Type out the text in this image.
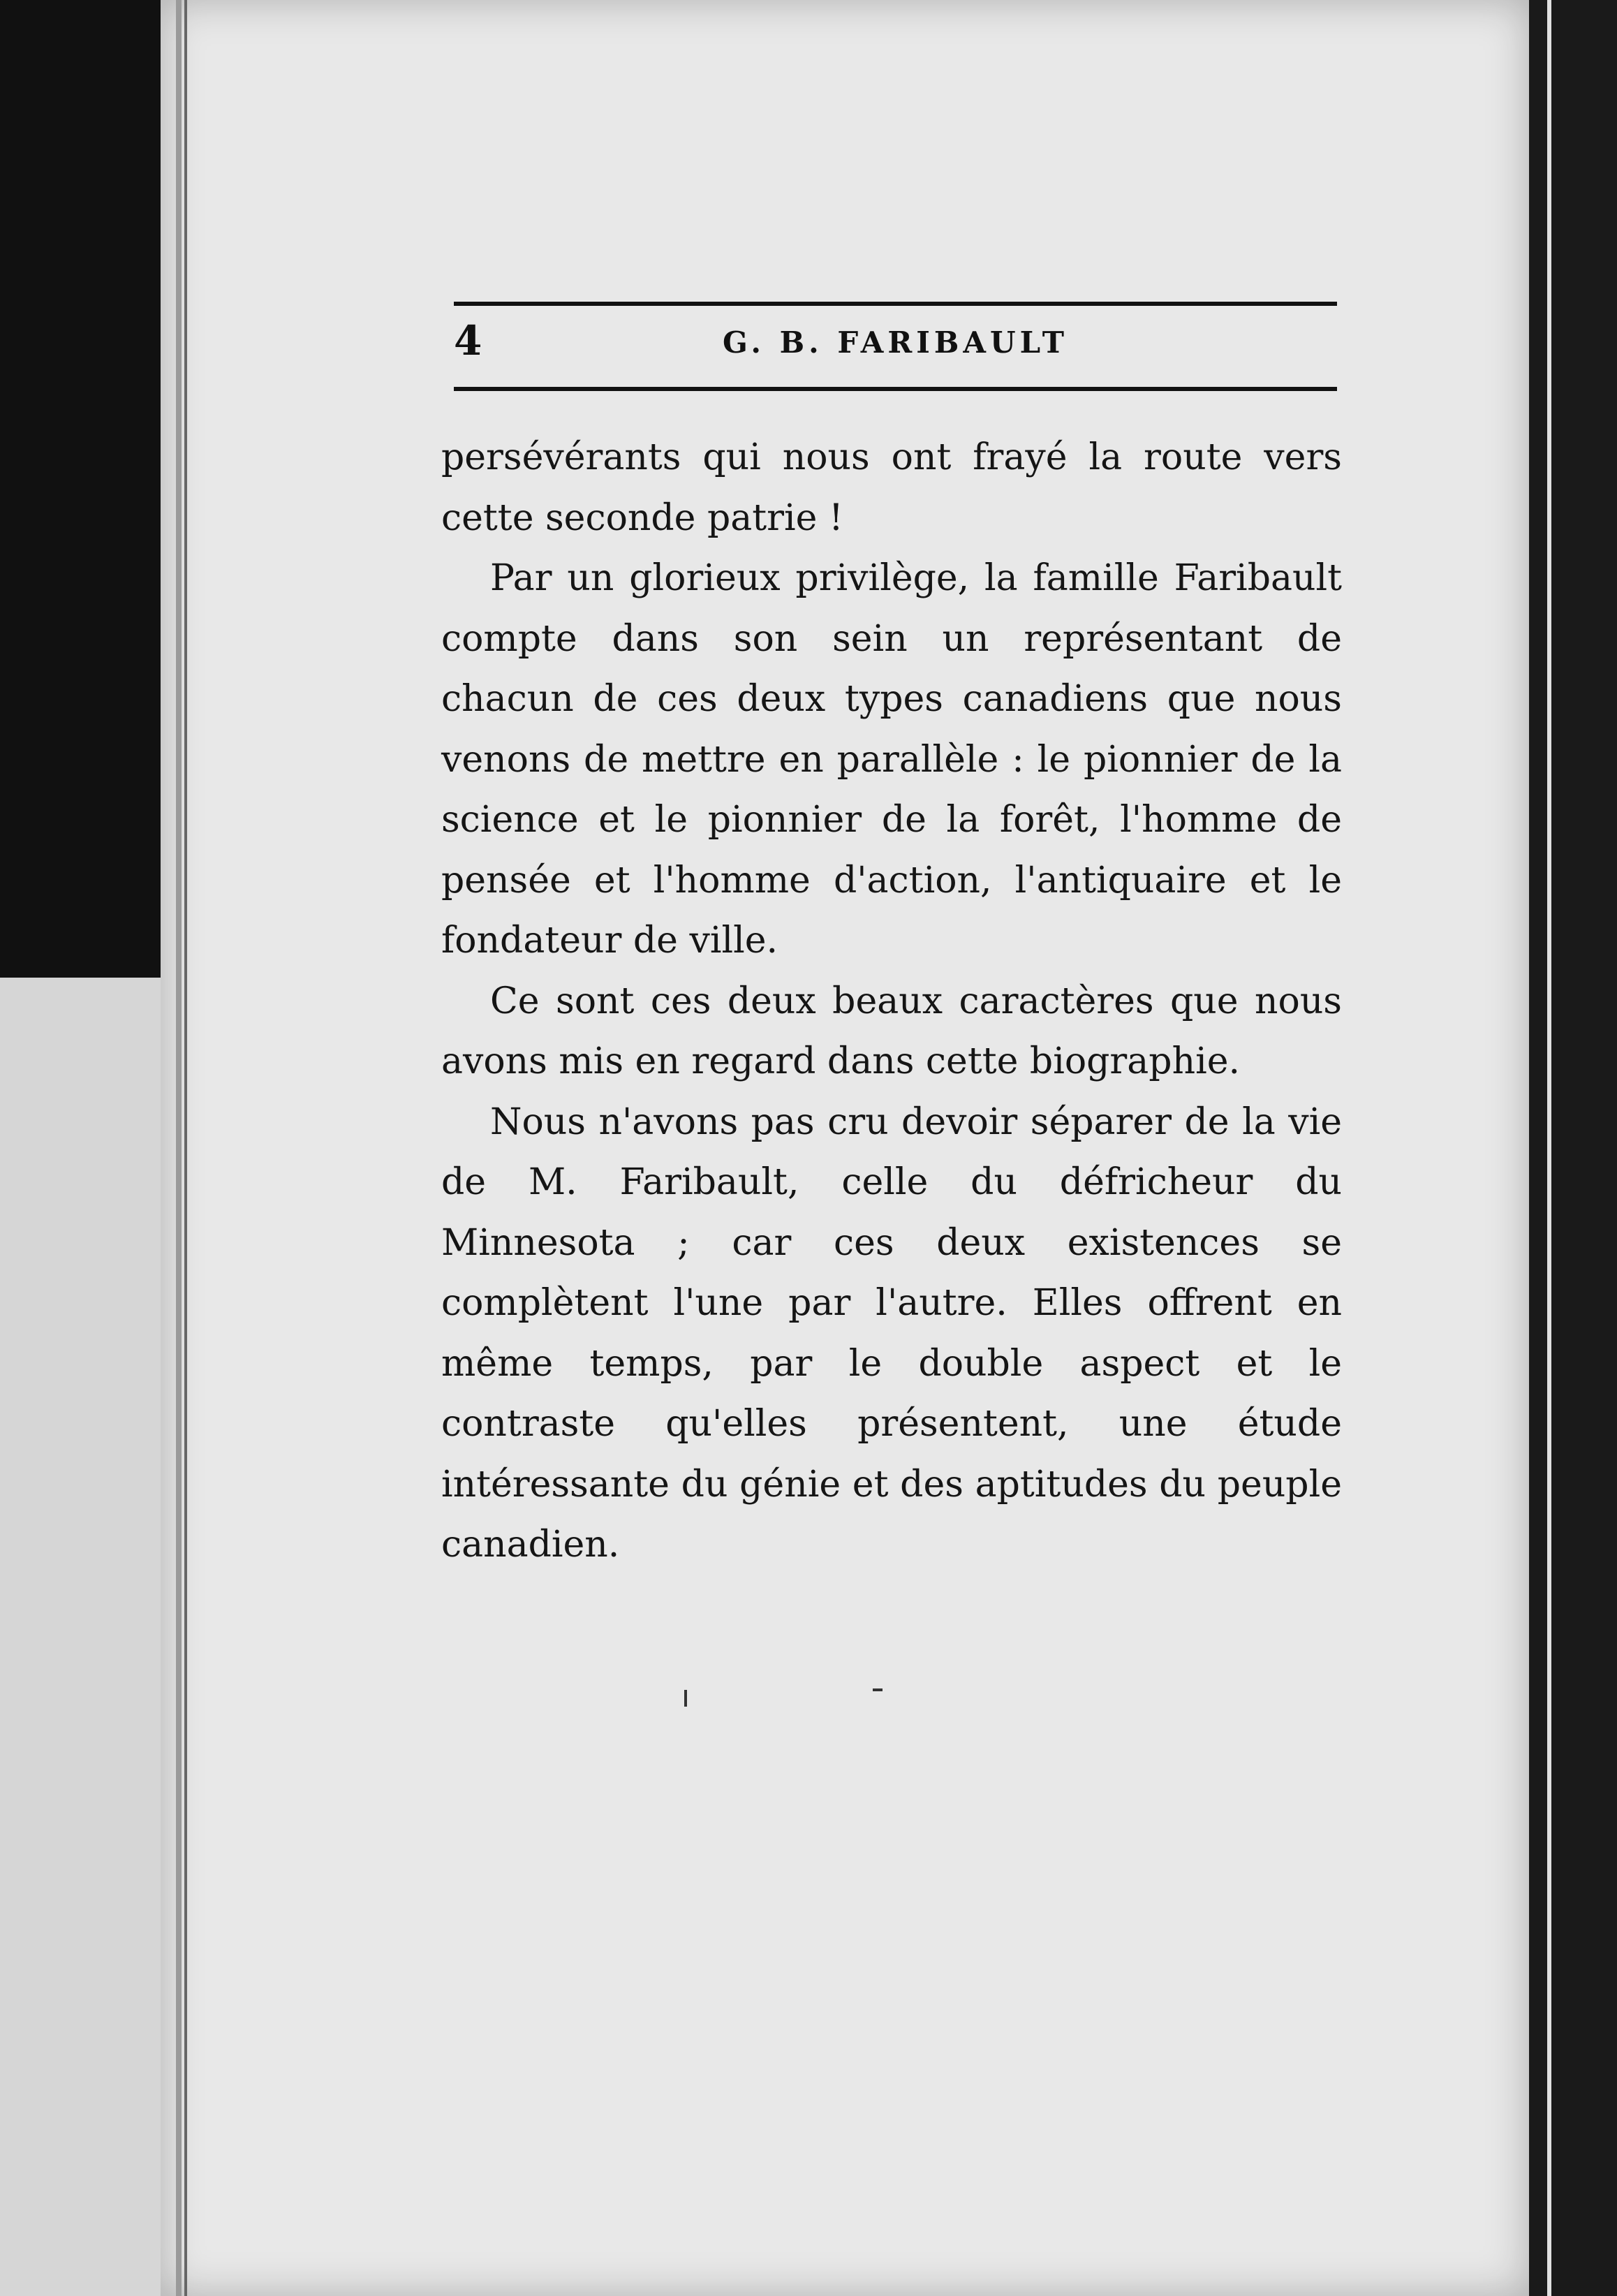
4	G. B. FARIBAULT

persévérants qui nous ont frayé la route vers cette seconde patrie !

Par un glorieux privilège, la famille Faribault compte dans son sein un représentant de chacun de ces deux types canadiens que nous venons de mettre en parallèle : le pionnier de la science et le pionnier de la forêt, l'homme de pensée et l'homme d'action, l'antiquaire et le fondateur de ville.

Ce sont ces deux beaux caractères que nous avons mis en regard dans cette biographie.

Nous n'avons pas cru devoir séparer de la vie de M. Faribault, celle du défricheur du Minnesota ; car ces deux existences se complètent l'une par l'autre. Elles offrent en même temps, par le double aspect et le contraste qu'elles présentent, une étude intéressante du génie et des aptitudes du peuple canadien.
